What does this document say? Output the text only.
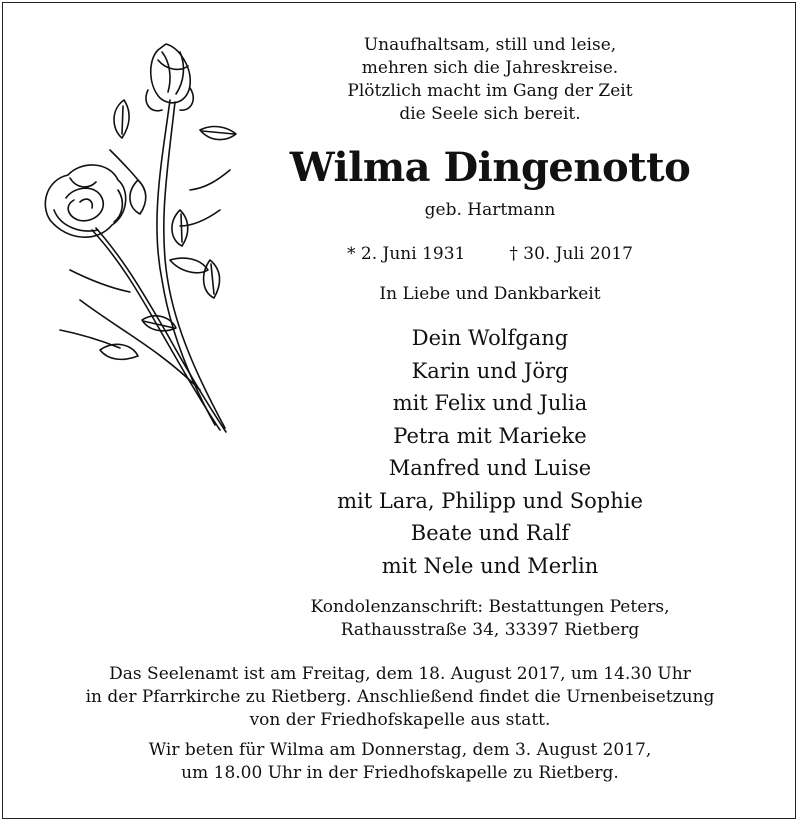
Unaufhaltsam, still und leise,
mehren sich die Jahreskreise.
Plötzlich macht im Gang der Zeit
die Seele sich bereit.
Wilma Dingenotto
geb. Hartmann
* 2. Juni 1931	† 30. Juli 2017
In Liebe und Dankbarkeit
Dein Wolfgang
Karin und Jörg
mit Felix und Julia
Petra mit Marieke
Manfred und Luise
mit Lara, Philipp und Sophie
Beate und Ralf
mit Nele und Merlin
Kondolenzanschrift: Bestattungen Peters,
Rathausstraße 34, 33397 Rietberg
Das Seelenamt ist am Freitag, dem 18. August 2017, um 14.30 Uhr
in der Pfarrkirche zu Rietberg. Anschließend findet die Urnenbeisetzung
von der Friedhofskapelle aus statt.
Wir beten für Wilma am Donnerstag, dem 3. August 2017,
um 18.00 Uhr in der Friedhofskapelle zu Rietberg.
